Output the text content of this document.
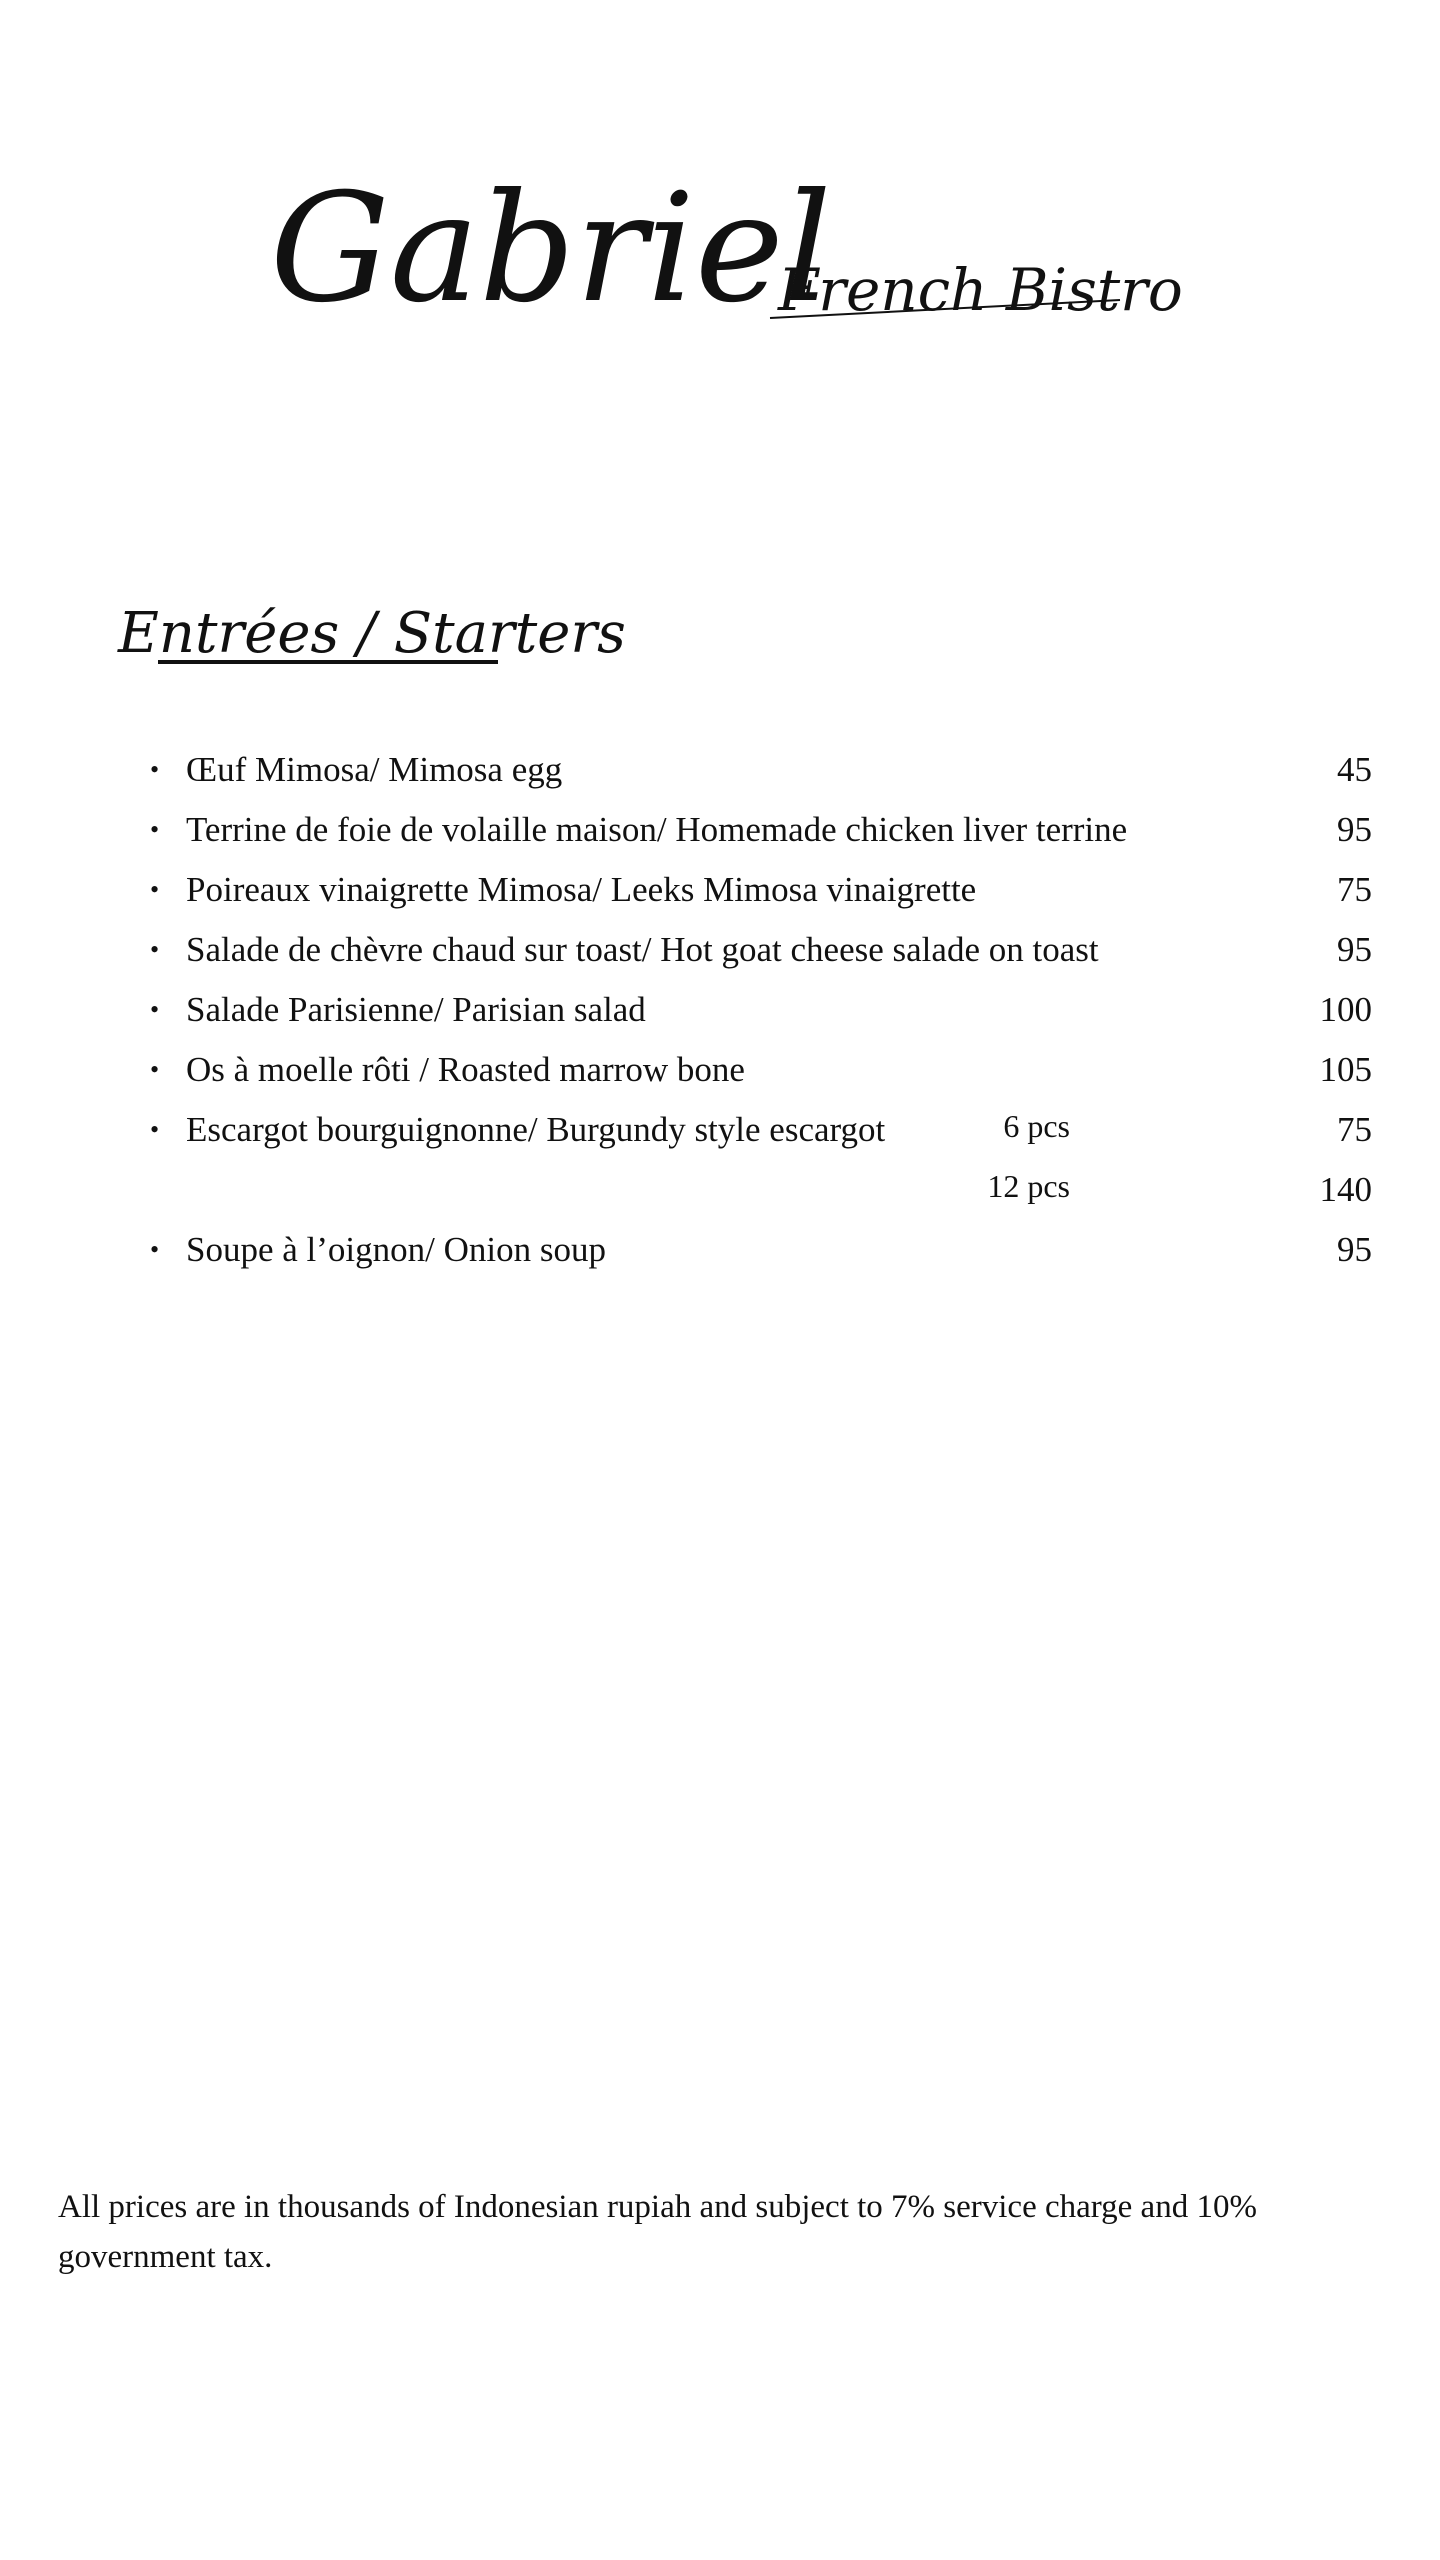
Gabriel
French Bistro
Entrées / Starters
• Œuf Mimosa/ Mimosa egg	45
• Terrine de foie de volaille maison/ Homemade chicken liver terrine	95
• Poireaux vinaigrette Mimosa/ Leeks Mimosa vinaigrette	75
• Salade de chèvre chaud sur toast/ Hot goat cheese salade on toast	95
• Salade Parisienne/ Parisian salad	100
• Os à moelle rôti / Roasted marrow bone	105
• Escargot bourguignonne/ Burgundy style escargot	6 pcs	75
12 pcs	140
• Soupe à l’oignon/ Onion soup	95

All prices are in thousands of Indonesian rupiah and subject to 7% service charge and 10% government tax.
